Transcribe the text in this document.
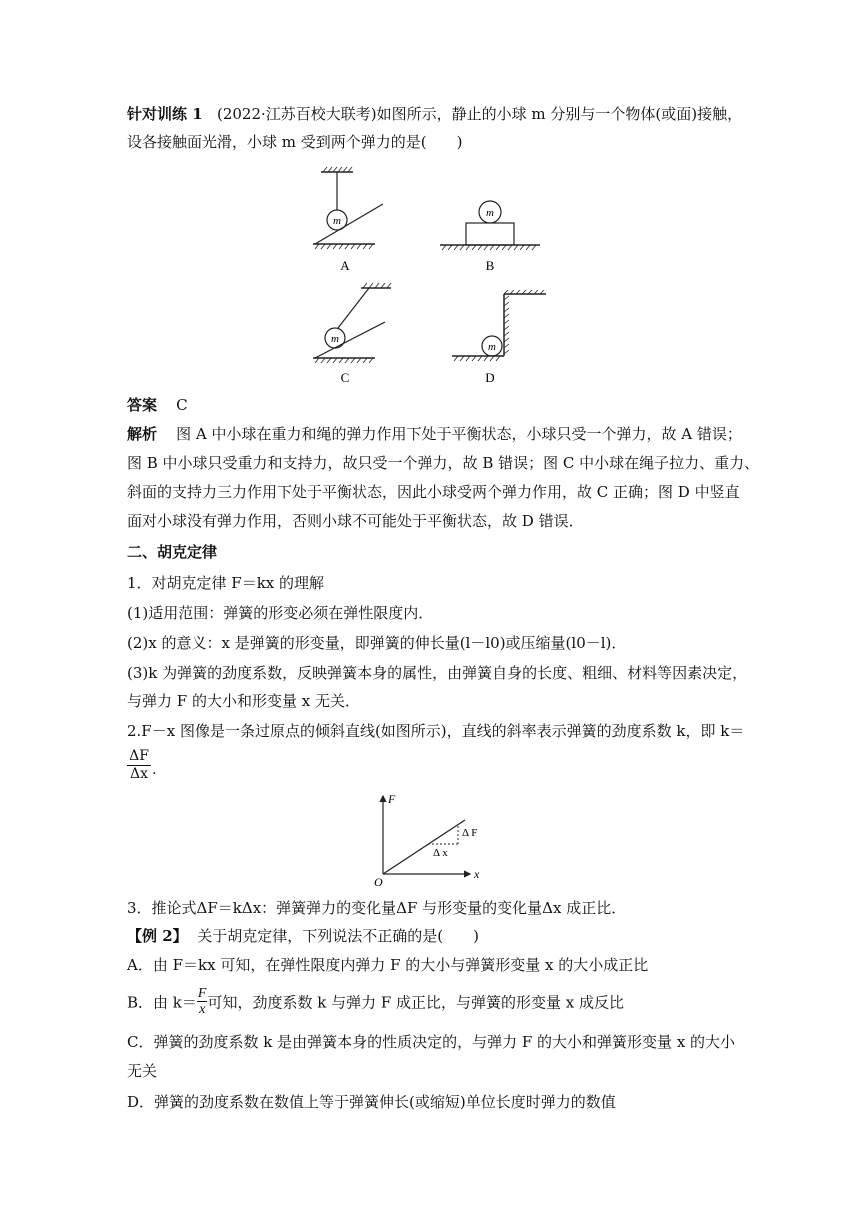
针对训练 1 (2022·江苏百校大联考)如图所示，静止的小球 m 分别与一个物体(或面)接触，
设各接触面光滑，小球 m 受到两个弹力的是(　　)
m
A
m
B
m
C
m
D
答案 C
解析 图 A 中小球在重力和绳的弹力作用下处于平衡状态，小球只受一个弹力，故 A 错误；
图 B 中小球只受重力和支持力，故只受一个弹力，故 B 错误；图 C 中小球在绳子拉力、重力、
斜面的支持力三力作用下处于平衡状态，因此小球受两个弹力作用，故 C 正确；图 D 中竖直
面对小球没有弹力作用，否则小球不可能处于平衡状态，故 D 错误．
二、胡克定律
1．对胡克定律 F＝kx 的理解
(1)适用范围：弹簧的形变必须在弹性限度内．
(2)x 的意义：x 是弹簧的形变量，即弹簧的伸长量(l－l0)或压缩量(l0－l)．
(3)k 为弹簧的劲度系数，反映弹簧本身的属性，由弹簧自身的长度、粗细、材料等因素决定，
与弹力 F 的大小和形变量 x 无关．
2.F－x 图像是一条过原点的倾斜直线(如图所示)，直线的斜率表示弹簧的劲度系数 k，即 k＝
$\frac{\Delta F}{\Delta x}$ .
F
x
O
Δ F
Δ x
3．推论式ΔF＝kΔx：弹簧弹力的变化量ΔF 与形变量的变化量Δx 成正比．
【例 2】 关于胡克定律，下列说法不正确的是(　　)
A．由 F＝kx 可知，在弹性限度内弹力 F 的大小与弹簧形变量 x 的大小成正比
B．由 $k= \frac{F}{x}$ 可知，劲度系数 k 与弹力 F 成正比，与弹簧的形变量 x 成反比
C．弹簧的劲度系数 k 是由弹簧本身的性质决定的，与弹力 F 的大小和弹簧形变量 x 的大小
无关
D．弹簧的劲度系数在数值上等于弹簧伸长(或缩短)单位长度时弹力的数值
